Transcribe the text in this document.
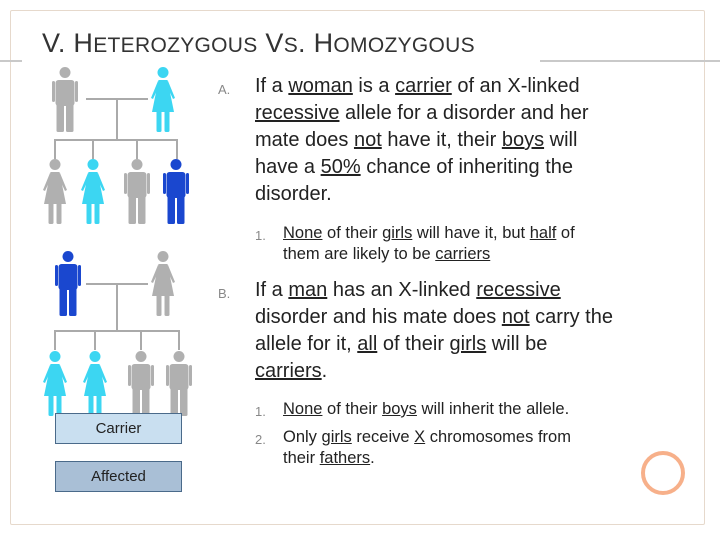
V. HETEROZYGOUS VS. HOMOZYGOUS
Carrier
Affected
A. If a woman is a carrier of an X-linked
recessive allele for a disorder and her
mate does not have it, their boys will
have a 50% chance of inheriting the
disorder.
1. None of their girls will have it, but half of
them are likely to be carriers
B. If a man has an X-linked recessive
disorder and his mate does not carry the
allele for it, all of their girls will be
carriers.
1. None of their boys will inherit the allele.
2. Only girls receive X chromosomes from
their fathers.
